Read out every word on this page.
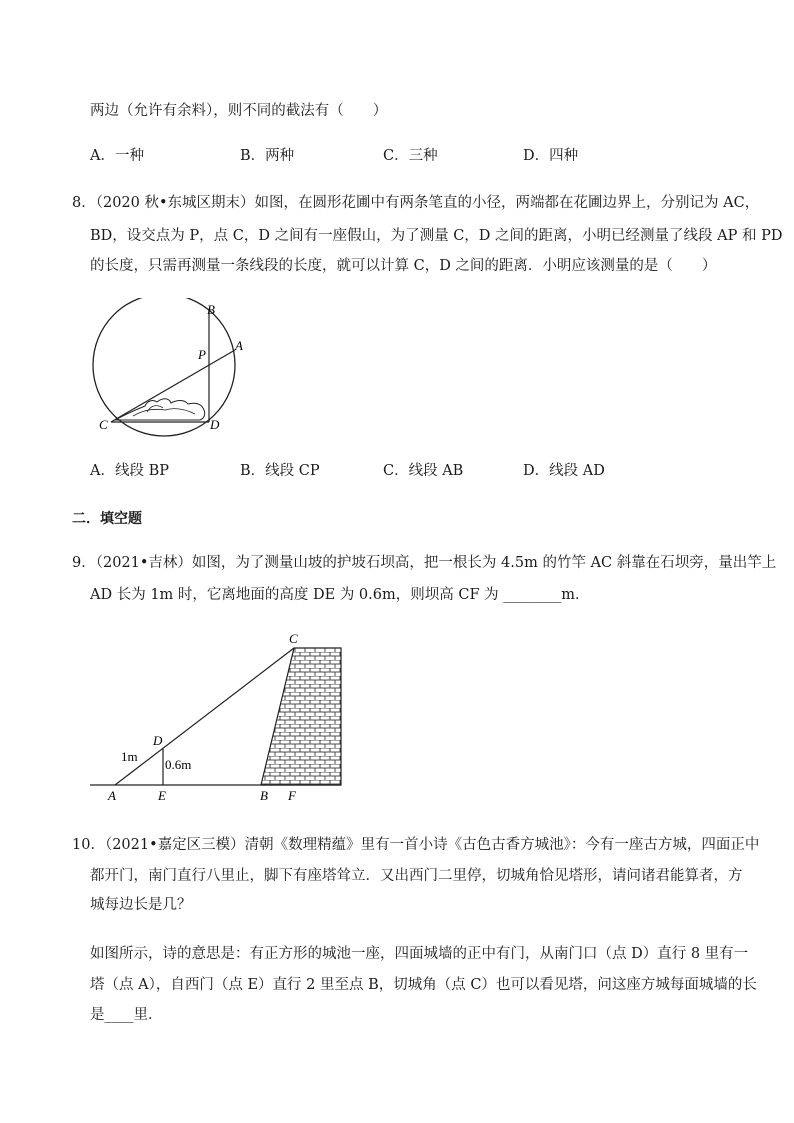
两边（允许有余料），则不同的截法有（　　）
A．一种	B．两种	C．三种	D．四种
8．（2020 秋•东城区期末）如图，在圆形花圃中有两条笔直的小径，两端都在花圃边界上，分别记为 AC，
BD，设交点为 P，点 C，D 之间有一座假山，为了测量 C，D 之间的距离，小明已经测量了线段 AP 和 PD
的长度，只需再测量一条线段的长度，就可以计算 C，D 之间的距离．小明应该测量的是（　　）
B
P
A
C	D
A．线段 BP	B．线段 CP	C．线段 AB	D．线段 AD
二．填空题
9．（2021•吉林）如图，为了测量山坡的护坡石坝高，把一根长为 4.5m 的竹竿 AC 斜靠在石坝旁，量出竿上
AD 长为 1m 时，它离地面的高度 DE 为 0.6m，则坝高 CF 为 ________m．
C
D
1m
0.6m
A	E	B F
10．（2021•嘉定区三模）清朝《数理精蕴》里有一首小诗《古色古香方城池》：今有一座古方城，四面正中
都开门，南门直行八里止，脚下有座塔耸立．又出西门二里停，切城角恰见塔形，请问诸君能算者，方
城每边长是几？
如图所示，诗的意思是：有正方形的城池一座，四面城墙的正中有门，从南门口（点 D）直行 8 里有一
塔（点 A），自西门（点 E）直行 2 里至点 B，切城角（点 C）也可以看见塔，问这座方城每面城墙的长
是____里．
